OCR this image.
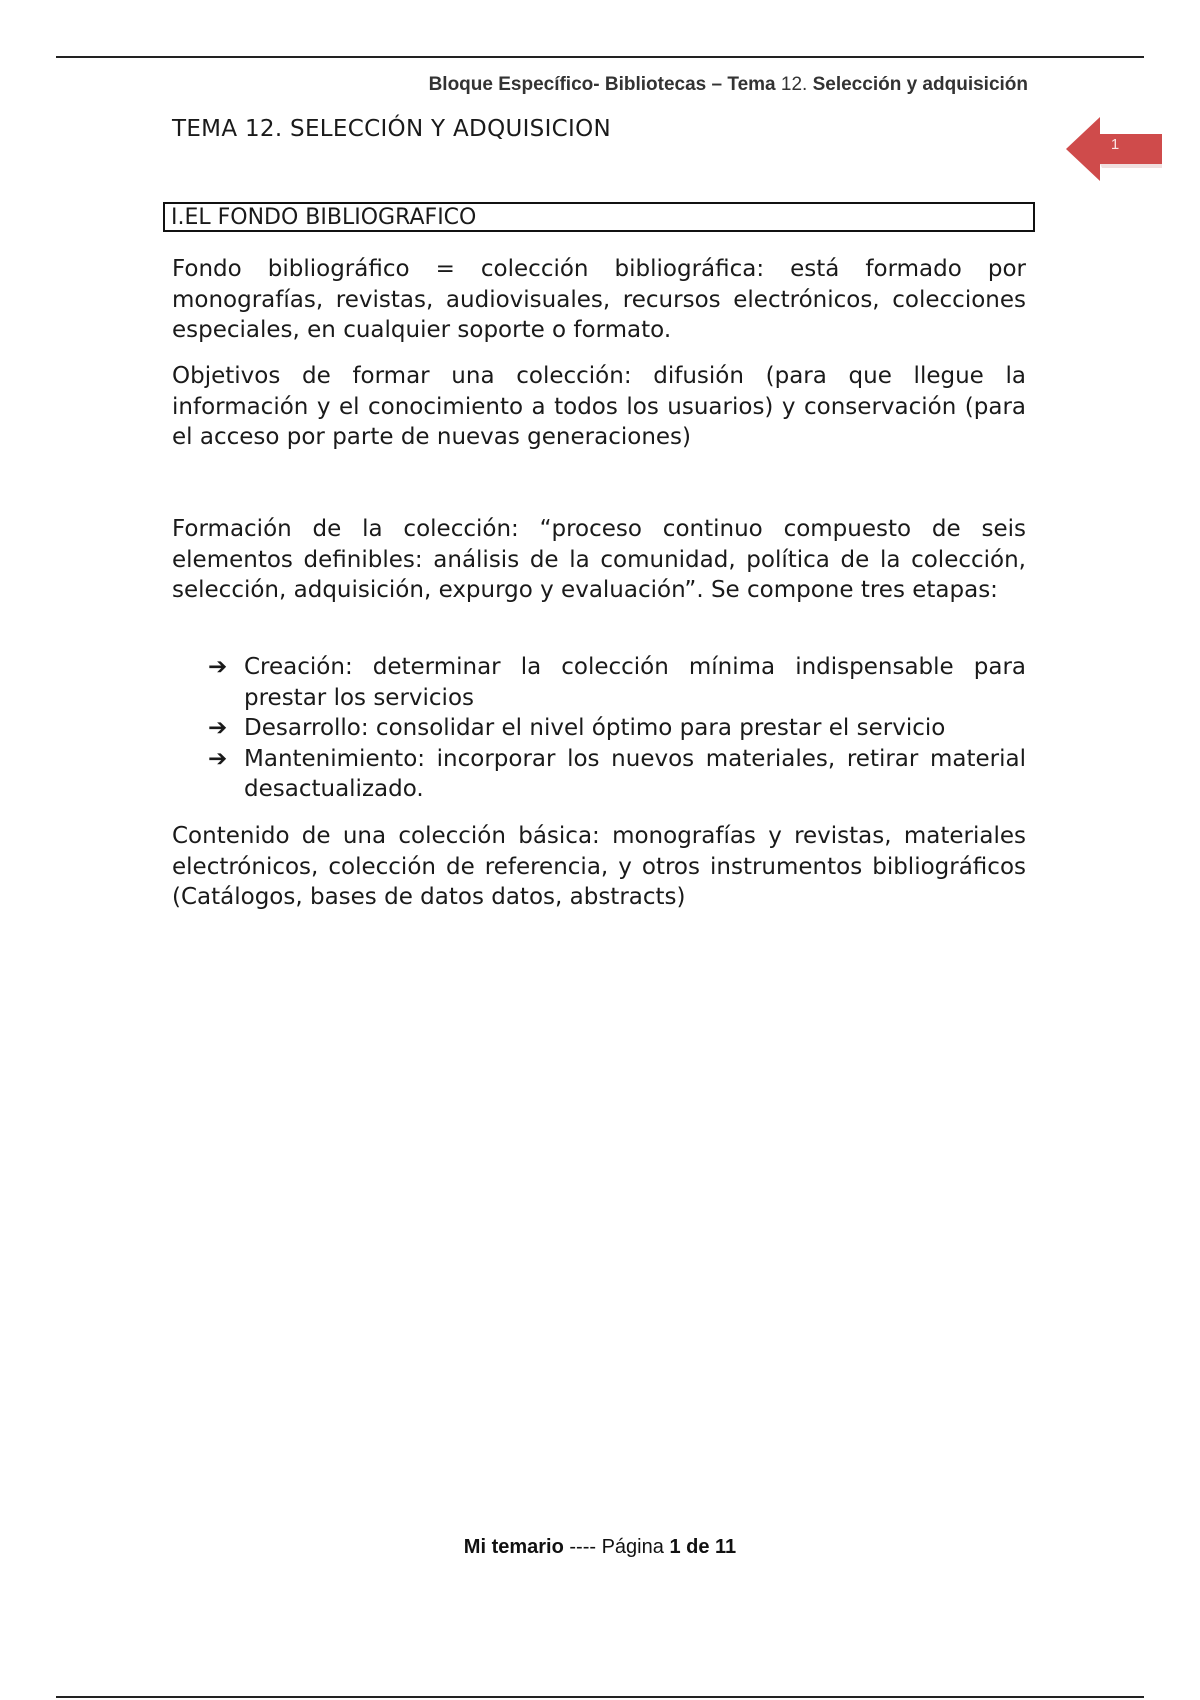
Bloque Específico- Bibliotecas – Tema 12. Selección y adquisición
1
TEMA 12. SELECCIÓN Y ADQUISICION
I.EL FONDO BIBLIOGRAFICO

Fondo bibliográfico = colección bibliográfica: está formado por monografías, revistas, audiovisuales, recursos electrónicos, colecciones especiales, en cualquier soporte o formato.

Objetivos de formar una colección: difusión (para que llegue la información y el conocimiento a todos los usuarios) y conservación (para el acceso por parte de nuevas generaciones)

Formación de la colección: “proceso continuo compuesto de seis elementos definibles: análisis de la comunidad, política de la colección, selección, adquisición, expurgo y evaluación”. Se compone tres etapas:

➔ Creación: determinar la colección mínima indispensable para prestar los servicios
➔ Desarrollo: consolidar el nivel óptimo para prestar el servicio
➔ Mantenimiento: incorporar los nuevos materiales, retirar material desactualizado.

Contenido de una colección básica: monografías y revistas, materiales electrónicos, colección de referencia, y otros instrumentos bibliográficos (Catálogos, bases de datos datos, abstracts)

Mi temario ---- Página 1 de 11
